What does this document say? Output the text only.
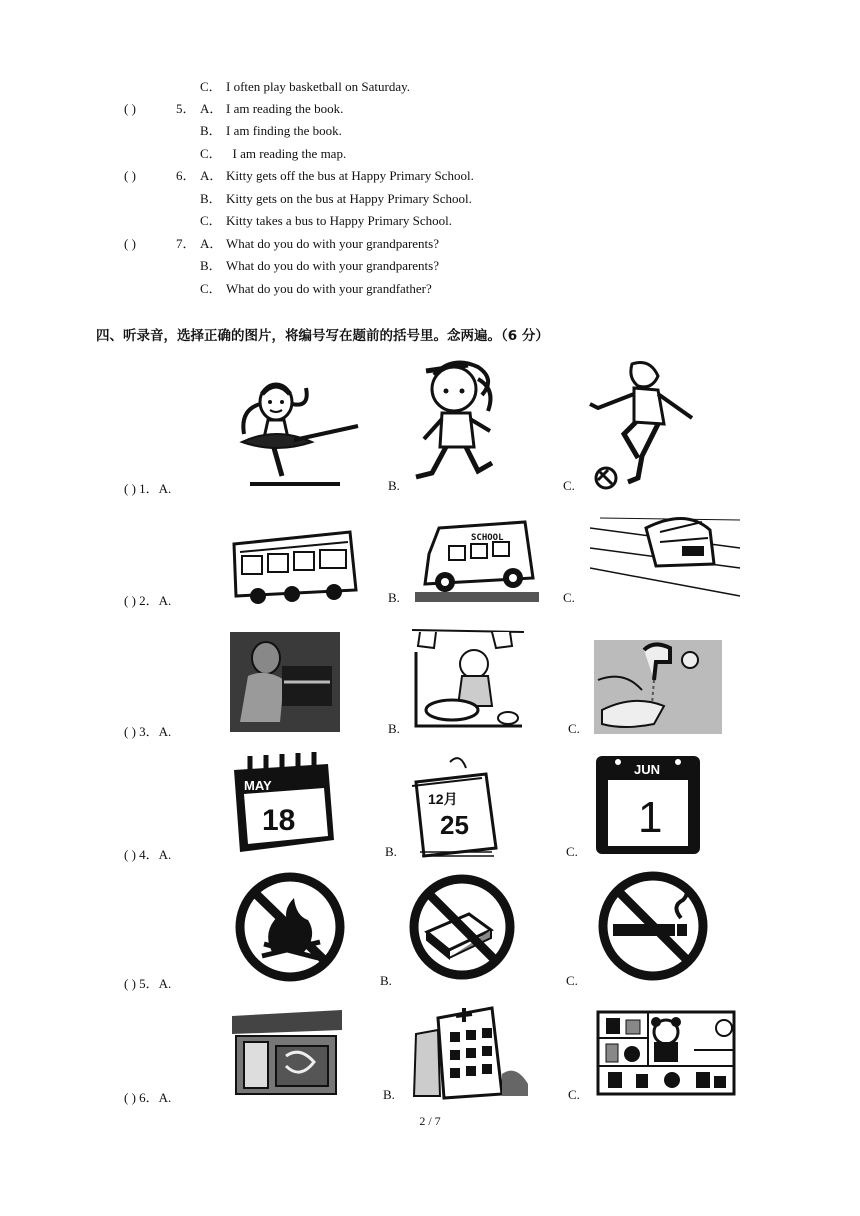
C． I often play basketball on Saturday.
( )	5． A． I am reading the book.
B． I am finding the book.
C． I am reading the map.
( )	6． A． Kitty gets off the bus at Happy Primary School.
B． Kitty gets on the bus at Happy Primary School.
C． Kitty takes a bus to Happy Primary School.
( )	7． A． What do you do with your grandparents?
B． What do you do with your grandparents?
C． What do you do with your grandfather?
四、听录音，选择正确的图片，将编号写在题前的括号里。念两遍。（6 分）
( ) 1．A.	B.	C.
( ) 2．A.	B.	C.
( ) 3．A.	B.	C.
( ) 4．A.	B.	C.
( ) 5．A.	B.	C.
( ) 6．A.	B.	C.
SCHOOL
MAY
18
12月
25
JUN
1
2 / 7
